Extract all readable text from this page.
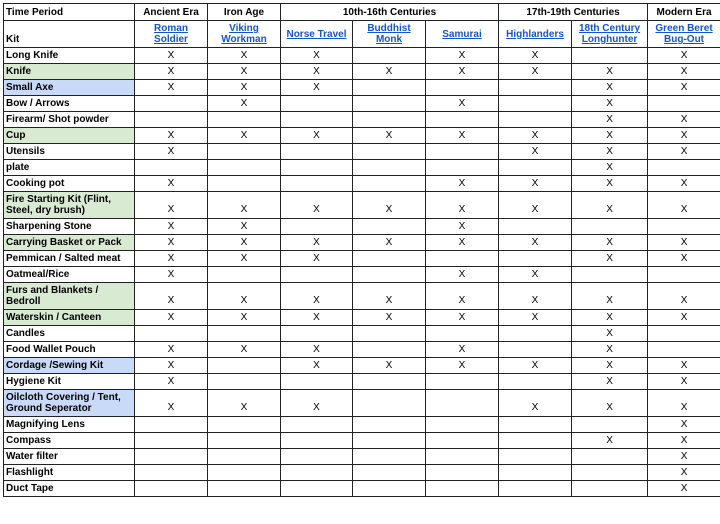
Time Period	Ancient Era	Iron Age	10th-16th Centuries			17th-19th Centuries		Modern Era
Kit	Roman Soldier	Viking Workman	Norse Travel	Buddhist Monk	Samurai	Highlanders	18th Century Longhunter	Green Beret Bug-Out

Long Knife	X	X	X		X	X		X
Knife	X	X	X	X	X	X	X	X
Small Axe	X	X	X				X	X
Bow / Arrows		X			X		X	
Firearm/ Shot powder							X	X
Cup	X	X	X	X	X	X	X	X
Utensils	X					X	X	X
plate							X	
Cooking pot	X				X	X	X	X
Fire Starting Kit (Flint, Steel, dry brush)	X	X	X	X	X	X	X	X
Sharpening Stone	X	X			X			
Carrying Basket or Pack	X	X	X	X	X	X	X	X
Pemmican / Salted meat	X	X	X				X	X
Oatmeal/Rice	X				X	X		
Furs and Blankets / Bedroll	X	X	X	X	X	X	X	X
Waterskin / Canteen	X	X	X	X	X	X	X	X
Candles							X	
Food Wallet Pouch	X	X	X		X		X	
Cordage /Sewing Kit	X		X	X	X	X	X	X
Hygiene Kit	X						X	X
Oilcloth Covering / Tent, Ground Seperator	X	X	X			X	X	X
Magnifying Lens								X
Compass							X	X
Water filter								X
Flashlight								X
Duct Tape								X
